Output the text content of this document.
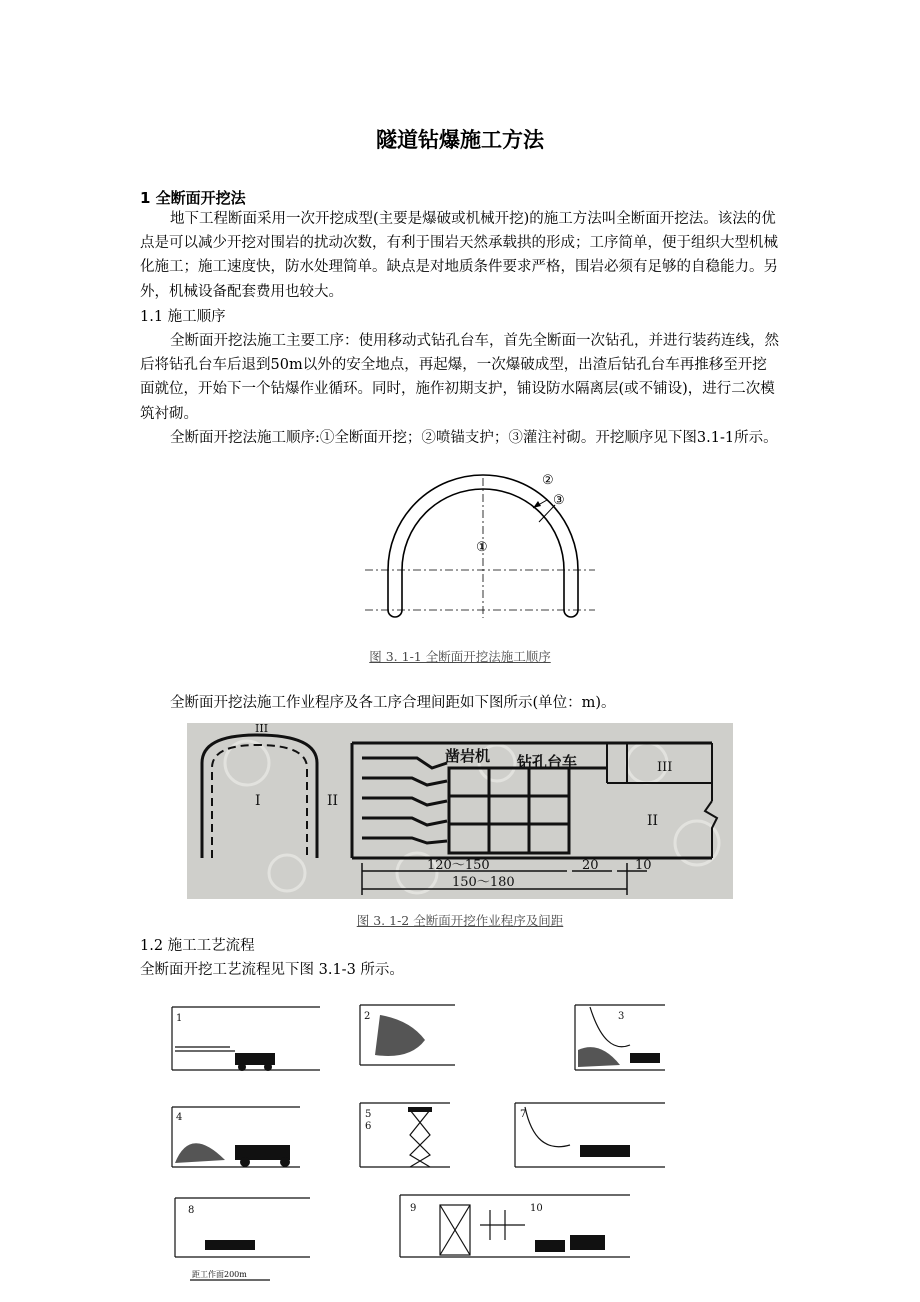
隧道钻爆施工方法
1 全断面开挖法
地下工程断面采用一次开挖成型(主要是爆破或机械开挖)的施工方法叫全断面开挖法。该法的优点是可以减少开挖对围岩的扰动次数，有利于围岩天然承载拱的形成；工序简单，便于组织大型机械化施工；施工速度快，防水处理简单。缺点是对地质条件要求严格，围岩必须有足够的自稳能力。另外，机械设备配套费用也较大。
1.1 施工顺序
全断面开挖法施工主要工序：使用移动式钻孔台车，首先全断面一次钻孔，并进行装药连线，然后将钻孔台车后退到50m以外的安全地点，再起爆，一次爆破成型，出渣后钻孔台车再推移至开挖面就位，开始下一个钻爆作业循环。同时，施作初期支护，铺设防水隔离层(或不铺设)，进行二次模筑衬砌。
全断面开挖法施工顺序:①全断面开挖；②喷锚支护；③灌注衬砌。开挖顺序见下图3.1-1所示。
②
③
①
图 3. 1-1 全断面开挖法施工顺序
全断面开挖法施工作业程序及各工序合理间距如下图所示(单位：m)。
I
III
II
凿岩机 钻孔台车	III
II
120～150	20	10
150～180
图 3. 1-2 全断面开挖作业程序及间距
1.2 施工工艺流程
全断面开挖工艺流程见下图 3.1-3 所示。
1	2	3
4	5
6
7
8	9	10
距工作面200m
